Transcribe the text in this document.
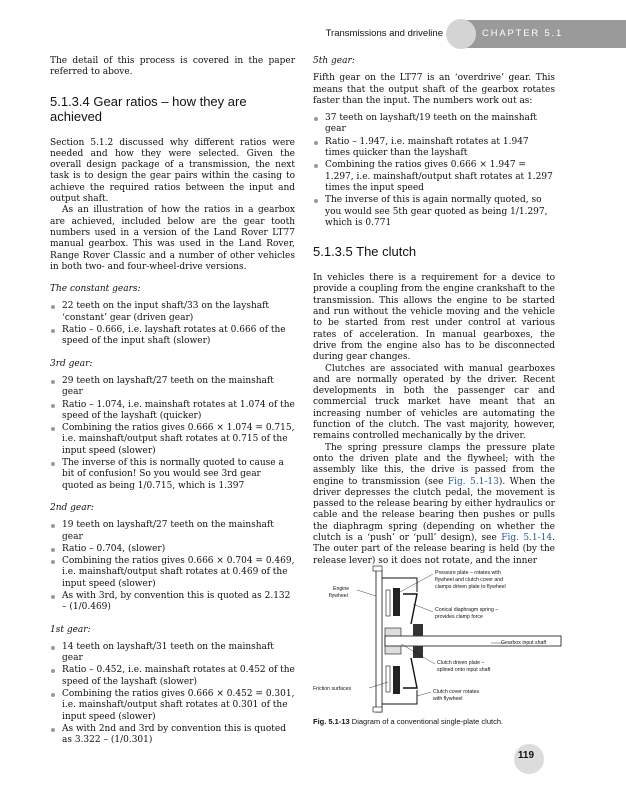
Transmissions and driveline	CHAPTER 5.1

The detail of this process is covered in the paper referred to above.

5.1.3.4 Gear ratios – how they are achieved

Section 5.1.2 discussed why different ratios were needed and how they were selected. Given the overall design package of a transmission, the next task is to design the gear pairs within the casing to achieve the required ratios between the input and output shaft.

As an illustration of how the ratios in a gearbox are achieved, included below are the gear tooth numbers used in a version of the Land Rover LT77 manual gearbox. This was used in the Land Rover, Range Rover Classic and a number of other vehicles in both two- and four-wheel-drive versions.

The constant gears:

22 teeth on the input shaft/33 on the layshaft ‘constant’ gear (driven gear)
Ratio – 0.666, i.e. layshaft rotates at 0.666 of the speed of the input shaft (slower)

3rd gear:

29 teeth on layshaft/27 teeth on the mainshaft gear
Ratio – 1.074, i.e. mainshaft rotates at 1.074 of the speed of the layshaft (quicker)
Combining the ratios gives 0.666 × 1.074 = 0.715, i.e. mainshaft/output shaft rotates at 0.715 of the input speed (slower)
The inverse of this is normally quoted to cause a bit of confusion! So you would see 3rd gear quoted as being 1/0.715, which is 1.397

2nd gear:

19 teeth on layshaft/27 teeth on the mainshaft gear
Ratio – 0.704, (slower)
Combining the ratios gives 0.666 × 0.704 = 0.469, i.e. mainshaft/output shaft rotates at 0.469 of the input speed (slower)
As with 3rd, by convention this is quoted as 2.132 – (1/0.469)

1st gear:

14 teeth on layshaft/31 teeth on the mainshaft gear
Ratio – 0.452, i.e. mainshaft rotates at 0.452 of the speed of the layshaft (slower)
Combining the ratios gives 0.666 × 0.452 = 0.301, i.e. mainshaft/output shaft rotates at 0.301 of the input speed (slower)
As with 2nd and 3rd by convention this is quoted as 3.322 – (1/0.301)

5th gear:

Fifth gear on the LT77 is an ‘overdrive’ gear. This means that the output shaft of the gearbox rotates faster than the input. The numbers work out as:

37 teeth on layshaft/19 teeth on the mainshaft gear
Ratio – 1.947, i.e. mainshaft rotates at 1.947 times quicker than the layshaft
Combining the ratios gives 0.666 × 1.947 = 1.297, i.e. mainshaft/output shaft rotates at 1.297 times the input speed
The inverse of this is again normally quoted, so you would see 5th gear quoted as being 1/1.297, which is 0.771
5.1.3.5 The clutch

In vehicles there is a requirement for a device to provide a coupling from the engine crankshaft to the transmission. This allows the engine to be started and run without the vehicle moving and the vehicle to be started from rest under control at various rates of acceleration. In manual gearboxes, the drive from the engine also has to be disconnected during gear changes.

Clutches are associated with manual gearboxes and are normally operated by the driver. Recent developments in both the passenger car and commercial truck market have meant that an increasing number of vehicles are automating the function of the clutch. The vast majority, however, remains controlled mechanically by the driver.

The spring pressure clamps the pressure plate onto the driven plate and the flywheel; with the assembly like this, the drive is passed from the engine to transmission (see Fig. 5.1-13). When the driver depresses the clutch pedal, the movement is passed to the release bearing by either hydraulics or cable and the release bearing then pushes or pulls the diaphragm spring (depending on whether the clutch is a ‘push’ or ‘pull’ design), see Fig. 5.1-14. The outer part of the release bearing is held (by the release lever) so it does not rotate, and the inner

Engine
flywheel
Pressure plate – rotates with
flywheel and clutch cover and
clamps driven plate to flywheel
Conical diaphragm spring –
provides clamp force
Gearbox input shaft
Clutch driven plate –
splined onto input shaft
Friction surfaces	Clutch cover rotates
with flywheel
Fig. 5.1-13 Diagram of a conventional single-plate clutch.
119
